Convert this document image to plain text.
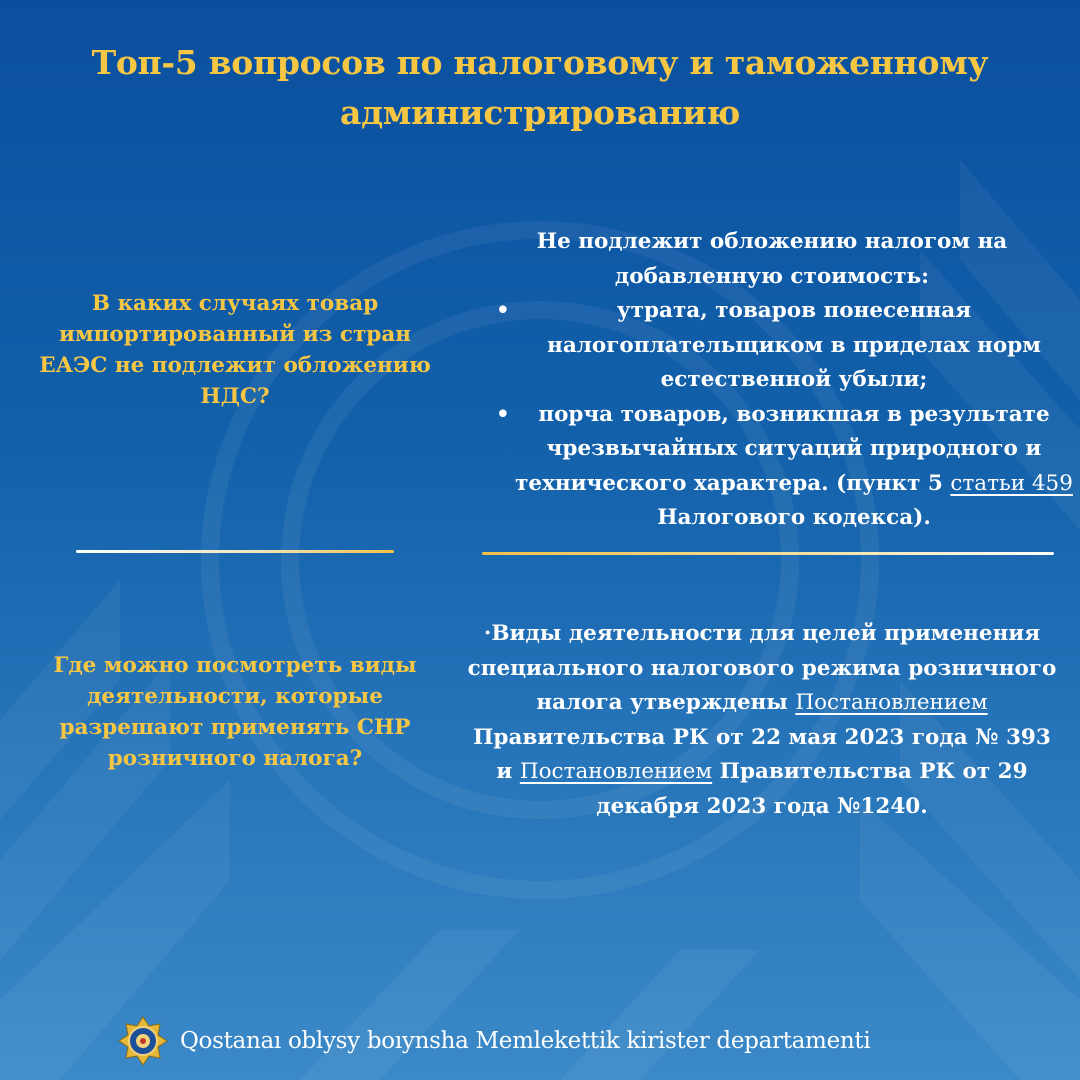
Топ-5 вопросов по налоговому и таможенному администрированию

В каких случаях товар импортированный из стран ЕАЭС не подлежит обложению НДС?

Не подлежит обложению налогом на добавленную стоимость:
•	утрата, товаров понесенная налогоплательщиком в приделах норм естественной убыли;
• порча товаров, возникшая в результате чрезвычайных ситуаций природного и технического характера. (пункт 5 статьи 459 Налогового кодекса).

Где можно посмотреть виды деятельности, которые разрешают применять СНР розничного налога?

·Виды деятельности для целей применения специального налогового режима розничного налога утверждены Постановлением Правительства РК от 22 мая 2023 года № 393 и Постановлением Правительства РК от 29 декабря 2023 года №1240.

Qostanaı oblysy boıynsha Memlekettik kirister departamenti
